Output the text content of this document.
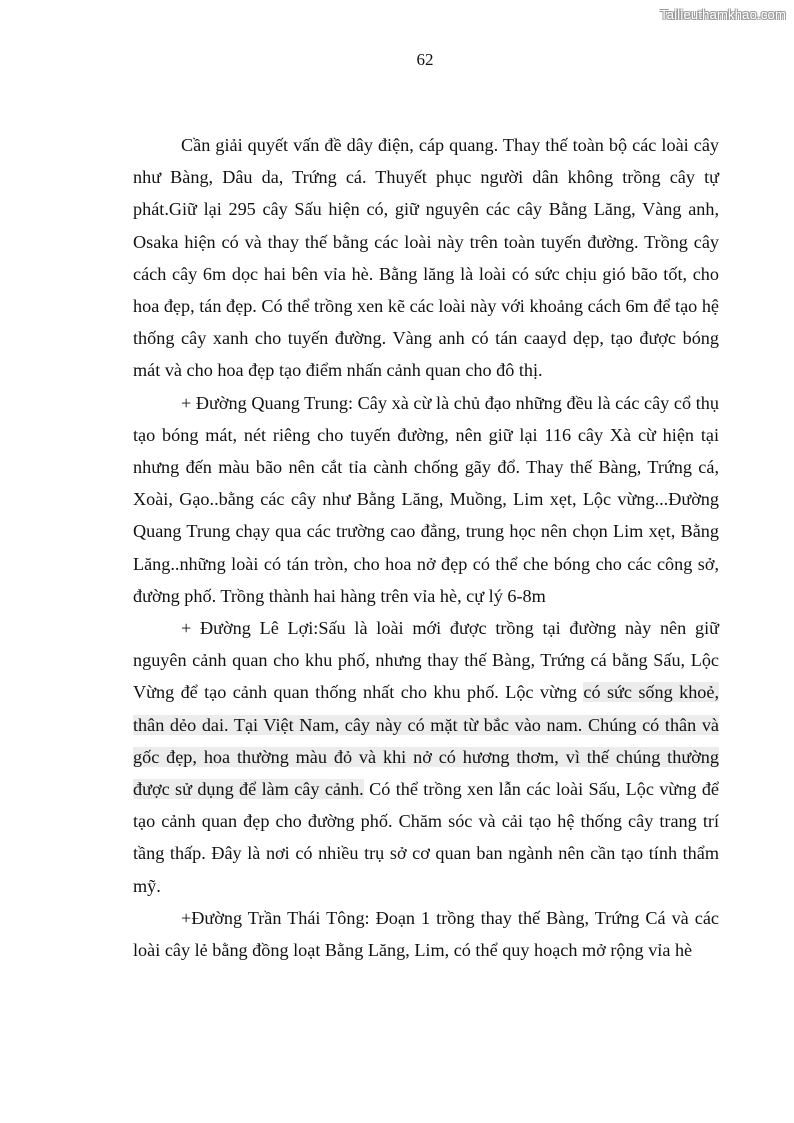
Tailieuthamkhao.com
62

Cần giải quyết vấn đề dây điện, cáp quang. Thay thế toàn bộ các loài cây như Bàng, Dâu da, Trứng cá. Thuyết phục người dân không trồng cây tự phát.Giữ lại 295 cây Sấu hiện có, giữ nguyên các cây Bằng Lăng, Vàng anh, Osaka hiện có và thay thế bằng các loài này trên toàn tuyến đường. Trồng cây cách cây 6m dọc hai bên vỉa hè. Bằng lăng là loài có sức chịu gió bão tốt, cho hoa đẹp, tán đẹp. Có thể trồng xen kẽ các loài này với khoảng cách 6m để tạo hệ thống cây xanh cho tuyến đường. Vàng anh có tán caayd dẹp, tạo được bóng mát và cho hoa đẹp tạo điểm nhấn cảnh quan cho đô thị.

+ Đường Quang Trung: Cây xà cừ là chủ đạo những đều là các cây cổ thụ tạo bóng mát, nét riêng cho tuyến đường, nên giữ lại 116 cây Xà cừ hiện tại nhưng đến màu bão nên cắt tỉa cành chống gãy đổ. Thay thế Bàng, Trứng cá, Xoài, Gạo..bằng các cây như Bằng Lăng, Muồng, Lim xẹt, Lộc vừng...Đường Quang Trung chạy qua các trường cao đẳng, trung học nên chọn Lim xẹt, Bằng Lăng..những loài có tán tròn, cho hoa nở đẹp có thể che bóng cho các công sở, đường phố. Trồng thành hai hàng trên vỉa hè, cự lý 6-8m

+ Đường Lê Lợi:Sấu là loài mới được trồng tại đường này nên giữ nguyên cảnh quan cho khu phố, nhưng thay thế Bàng, Trứng cá bằng Sấu, Lộc Vừng để tạo cảnh quan thống nhất cho khu phố. Lộc vừng có sức sống khoẻ, thân dẻo dai. Tại Việt Nam, cây này có mặt từ bắc vào nam. Chúng có thân và gốc đẹp, hoa thường màu đỏ và khi nở có hương thơm, vì thế chúng thường được sử dụng để làm cây cảnh. Có thể trồng xen lẫn các loài Sấu, Lộc vừng để tạo cảnh quan đẹp cho đường phố. Chăm sóc và cải tạo hệ thống cây trang trí tầng thấp. Đây là nơi có nhiều trụ sở cơ quan ban ngành nên cần tạo tính thẩm mỹ.

+Đường Trần Thái Tông: Đoạn 1 trồng thay thế Bàng, Trứng Cá và các loài cây lẻ bằng đồng loạt Bằng Lăng, Lim, có thể quy hoạch mở rộng vỉa hè
